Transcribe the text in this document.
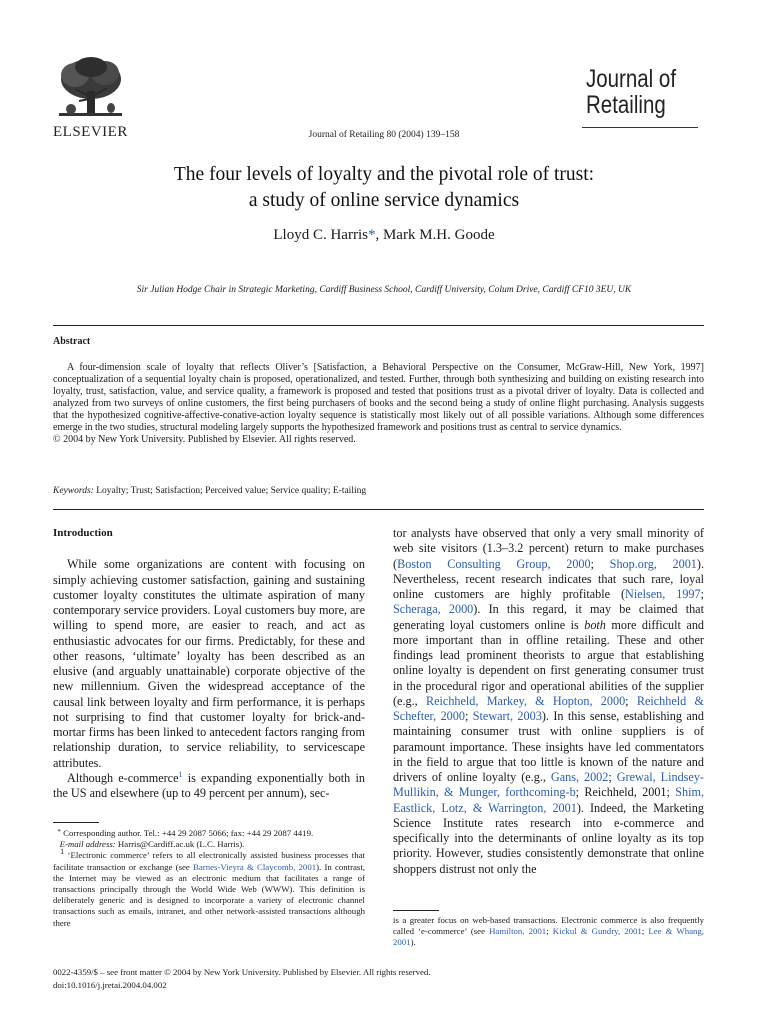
ELSEVIER	Journal of Retailing 80 (2004) 139–158
Journal of
Retailing
The four levels of loyalty and the pivotal role of trust:
a study of online service dynamics
Lloyd C. Harris*, Mark M.H. Goode
Sir Julian Hodge Chair in Strategic Marketing, Cardiff Business School, Cardiff University, Colum Drive, Cardiff CF10 3EU, UK
Abstract

A four-dimension scale of loyalty that reflects Oliver’s [Satisfaction, a Behavioral Perspective on the Consumer, McGraw-Hill, New York, 1997] conceptualization of a sequential loyalty chain is proposed, operationalized, and tested. Further, through both synthesizing and building on existing research into loyalty, trust, satisfaction, value, and service quality, a framework is proposed and tested that positions trust as a pivotal driver of loyalty. Data is collected and analyzed from two surveys of online customers, the first being purchasers of books and the second being a study of online flight purchasing. Analysis suggests that the hypothesized cognitive-affective-conative-action loyalty sequence is statistically most likely out of all possible variations. Although some differences emerge in the two studies, structural modeling largely supports the hypothesized framework and positions trust as central to service dynamics.

© 2004 by New York University. Published by Elsevier. All rights reserved.

Keywords: Loyalty; Trust; Satisfaction; Perceived value; Service quality; E-tailing
Introduction

While some organizations are content with focusing on simply achieving customer satisfaction, gaining and sustaining customer loyalty constitutes the ultimate aspiration of many contemporary service providers. Loyal customers buy more, are willing to spend more, are easier to reach, and act as enthusiastic advocates for our firms. Predictably, for these and other reasons, ‘ultimate’ loyalty has been described as an elusive (and arguably unattainable) corporate objective of the new millennium. Given the widespread acceptance of the causal link between loyalty and firm performance, it is perhaps not surprising to find that customer loyalty for brick-and-mortar firms has been linked to antecedent factors ranging from relationship duration, to service reliability, to servicescape attributes.

Although e-commerce$^1$ is expanding exponentially both in the US and elsewhere (up to 49 percent per annum), sec-

* Corresponding author. Tel.: +44 29 2087 5066; fax: +44 29 2087 4419.
E-mail address: Harris@Cardiff.ac.uk (L.C. Harris).
$^1$ ‘Electronic commerce’ refers to all electronically assisted business processes that facilitate transaction or exchange (see Barnes-Vieyra & Claycomb, 2001). In contrast, the Internet may be viewed as an electronic medium that facilitates a range of transactions principally through the World Wide Web (WWW). This definition is deliberately generic and is designed to incorporate a variety of electronic channel transactions such as emails, intranet, and other network-assisted transactions although there

tor analysts have observed that only a very small minority of web site visitors (1.3–3.2 percent) return to make purchases (Boston Consulting Group, 2000; Shop.org, 2001). Nevertheless, recent research indicates that such rare, loyal online customers are highly profitable (Nielsen, 1997; Scheraga, 2000). In this regard, it may be claimed that generating loyal customers online is both more difficult and more important than in offline retailing. These and other findings lead prominent theorists to argue that establishing online loyalty is dependent on first generating consumer trust in the procedural rigor and operational abilities of the supplier (e.g., Reichheld, Markey, & Hopton, 2000; Reichheld & Schefter, 2000; Stewart, 2003). In this sense, establishing and maintaining consumer trust with online suppliers is of paramount importance. These insights have led commentators in the field to argue that too little is known of the nature and drivers of online loyalty (e.g., Gans, 2002; Grewal, Lindsey-Mullikin, & Munger, forthcoming-b; Reichheld, 2001; Shim, Eastlick, Lotz, & Warrington, 2001). Indeed, the Marketing Science Institute rates research into e-commerce and specifically into the determinants of online loyalty as its top priority. However, studies consistently demonstrate that online shoppers distrust not only the

is a greater focus on web-based transactions. Electronic commerce is also frequently called ‘e-commerce’ (see Hamilton, 2001; Kickul & Gundry, 2001; Lee & Whang, 2001).
0022-4359/$ – see front matter © 2004 by New York University. Published by Elsevier. All rights reserved.
doi:10.1016/j.jretai.2004.04.002
